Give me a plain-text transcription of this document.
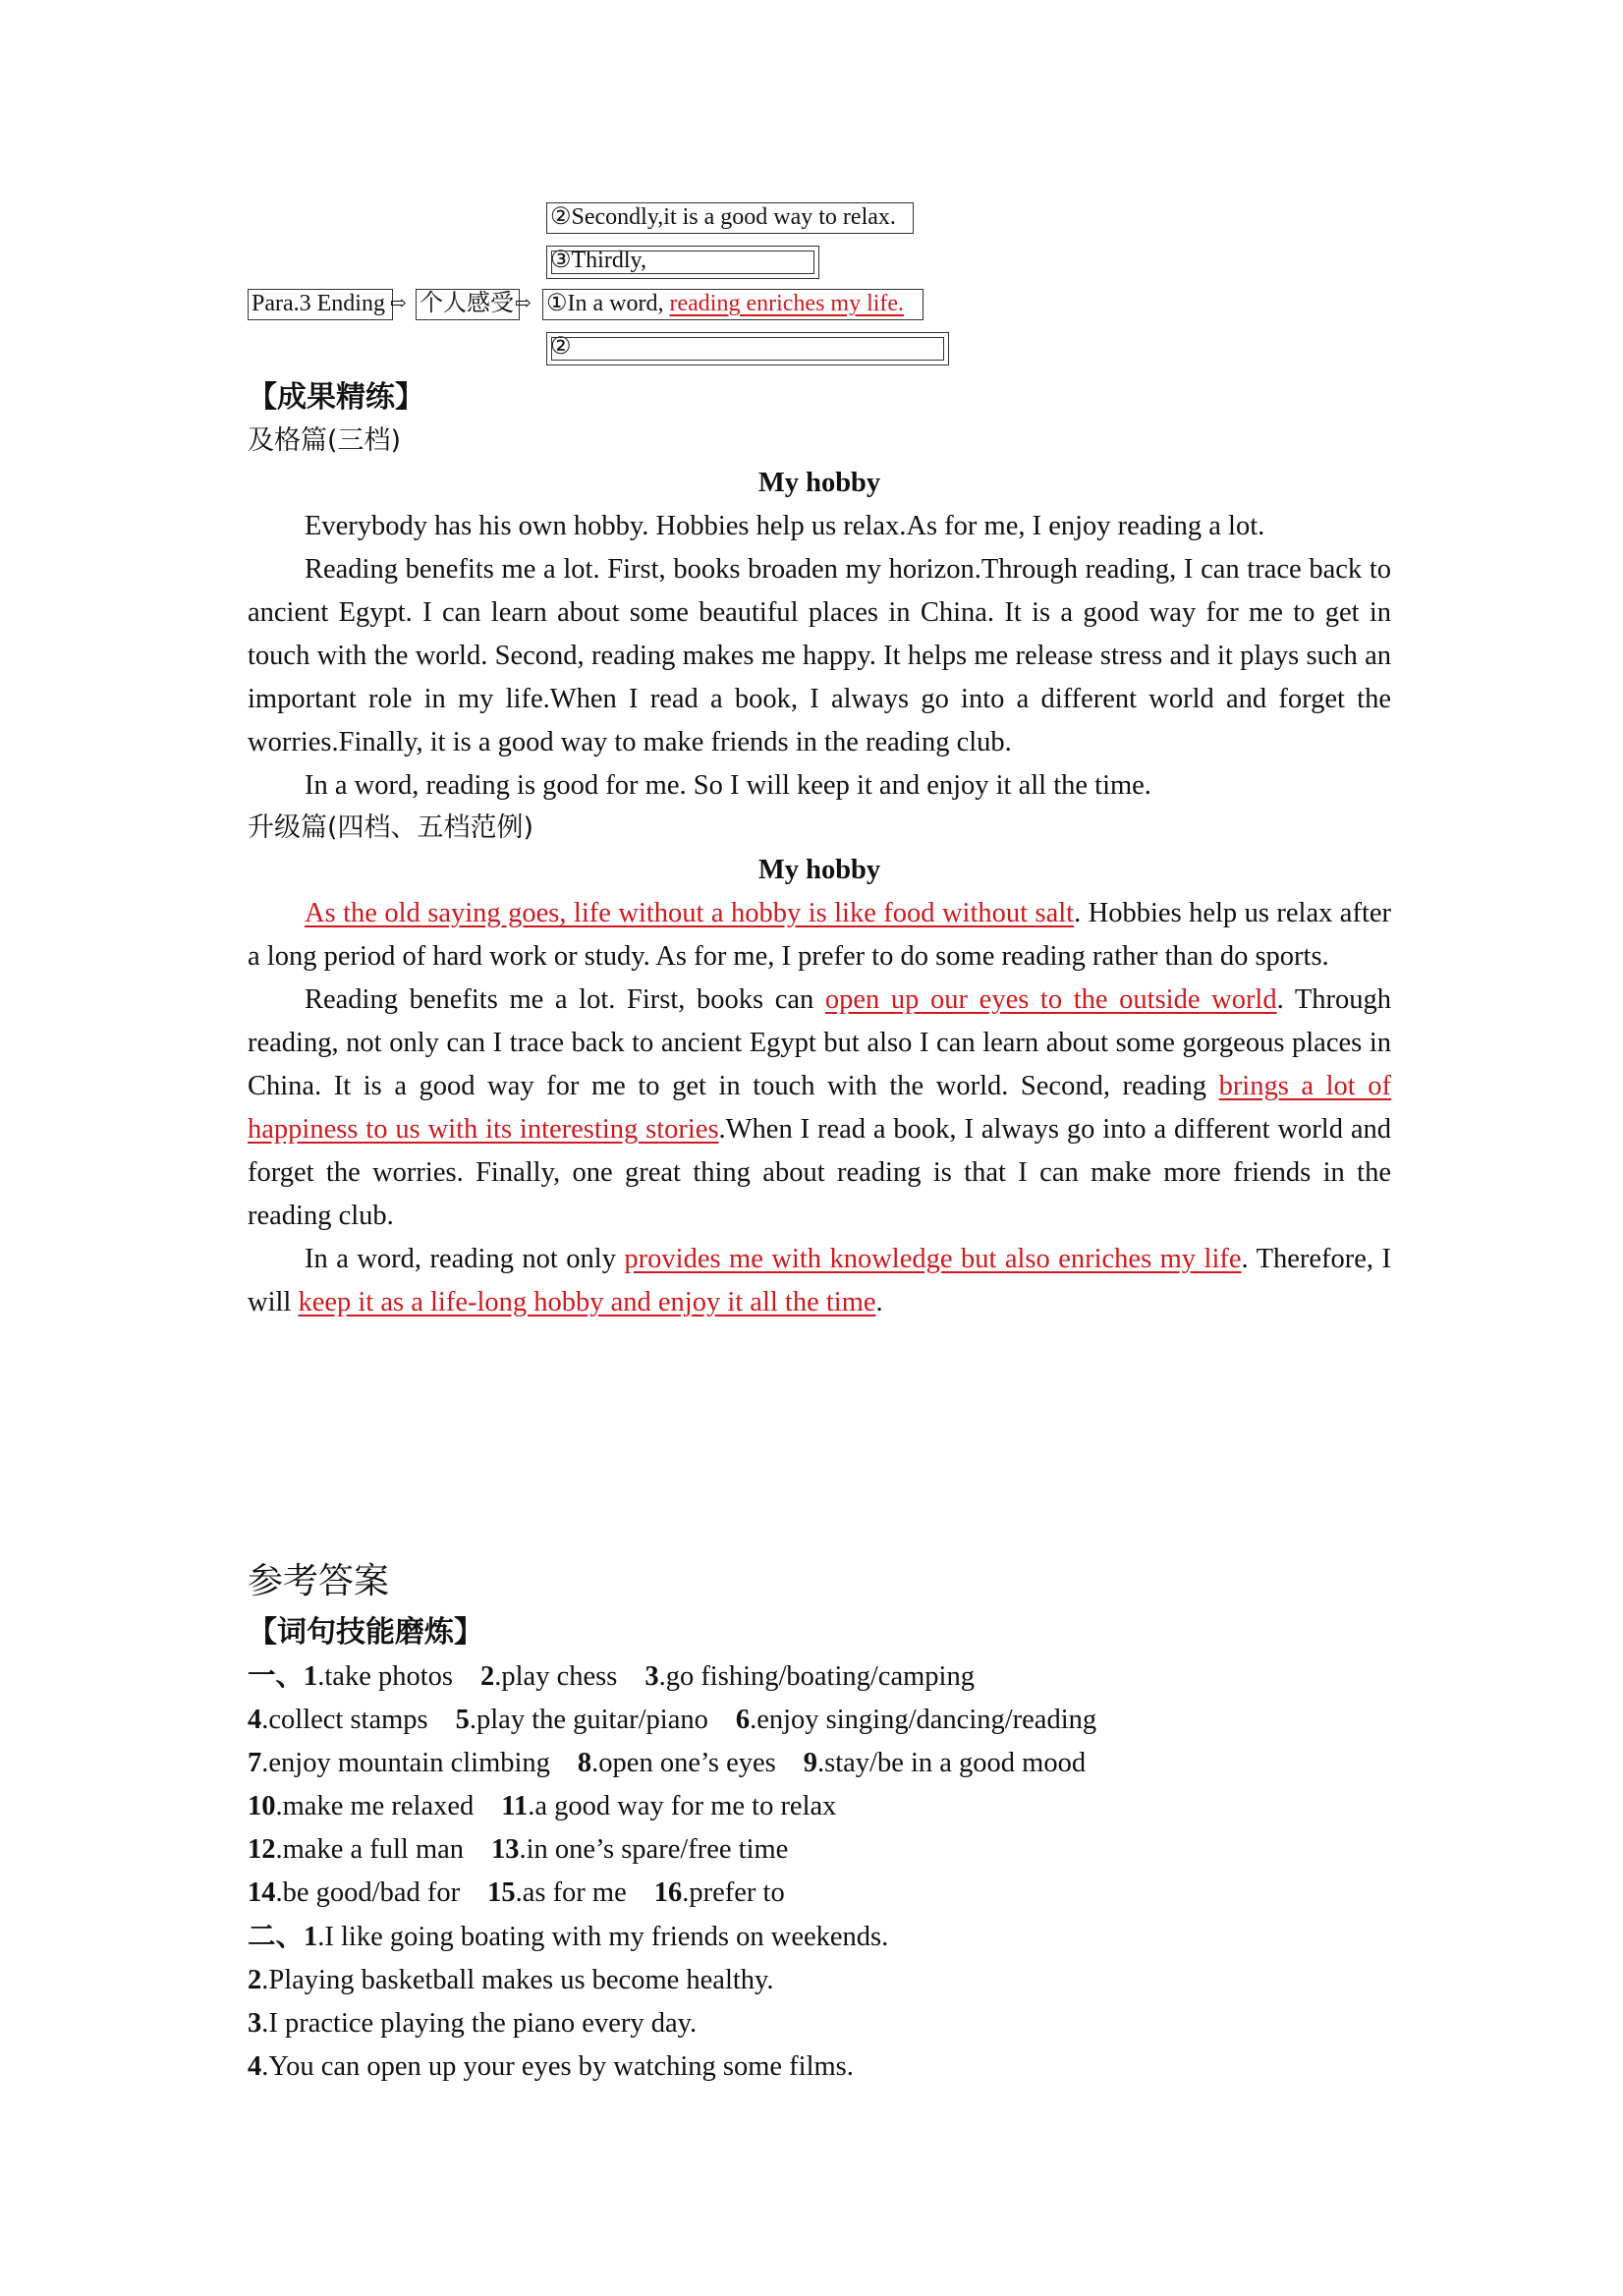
②Secondly,it is a good way to relax.
③Thirdly,
Para.3 Ending ⇨ 个人感受 ⇨ ①In a word, reading enriches my life.
②

【成果精练】

及格篇(三档)

My hobby

Everybody has his own hobby. Hobbies help us relax.As for me, I enjoy reading a lot.

Reading benefits me a lot. First, books broaden my horizon.Through reading, I can trace back to ancient Egypt. I can learn about some beautiful places in China. It is a good way for me to get in touch with the world. Second, reading makes me happy. It helps me release stress and it plays such an important role in my life.When I read a book, I always go into a different world and forget the worries.Finally, it is a good way to make friends in the reading club.

In a word, reading is good for me. So I will keep it and enjoy it all the time.

升级篇(四档、五档范例)

My hobby

As the old saying goes, life without a hobby is like food without salt. Hobbies help us relax after a long period of hard work or study. As for me, I prefer to do some reading rather than do sports.

Reading benefits me a lot. First, books can open up our eyes to the outside world. Through reading, not only can I trace back to ancient Egypt but also I can learn about some gorgeous places in China. It is a good way for me to get in touch with the world. Second, reading brings a lot of happiness to us with its interesting stories.When I read a book, I always go into a different world and forget the worries. Finally, one great thing about reading is that I can make more friends in the reading club.

In a word, reading not only provides me with knowledge but also enriches my life. Therefore, I will keep it as a life-long hobby and enjoy it all the time.

参考答案

【词句技能磨炼】

一、1.take photos 2.play chess 3.go fishing/boating/camping

4.collect stamps 5.play the guitar/piano 6.enjoy singing/dancing/reading

7.enjoy mountain climbing 8.open one’s eyes 9.stay/be in a good mood

10.make me relaxed 11.a good way for me to relax

12.make a full man 13.in one’s spare/free time

14.be good/bad for 15.as for me 16.prefer to

二、1.I like going boating with my friends on weekends.

2.Playing basketball makes us become healthy.

3.I practice playing the piano every day.

4.You can open up your eyes by watching some films.
